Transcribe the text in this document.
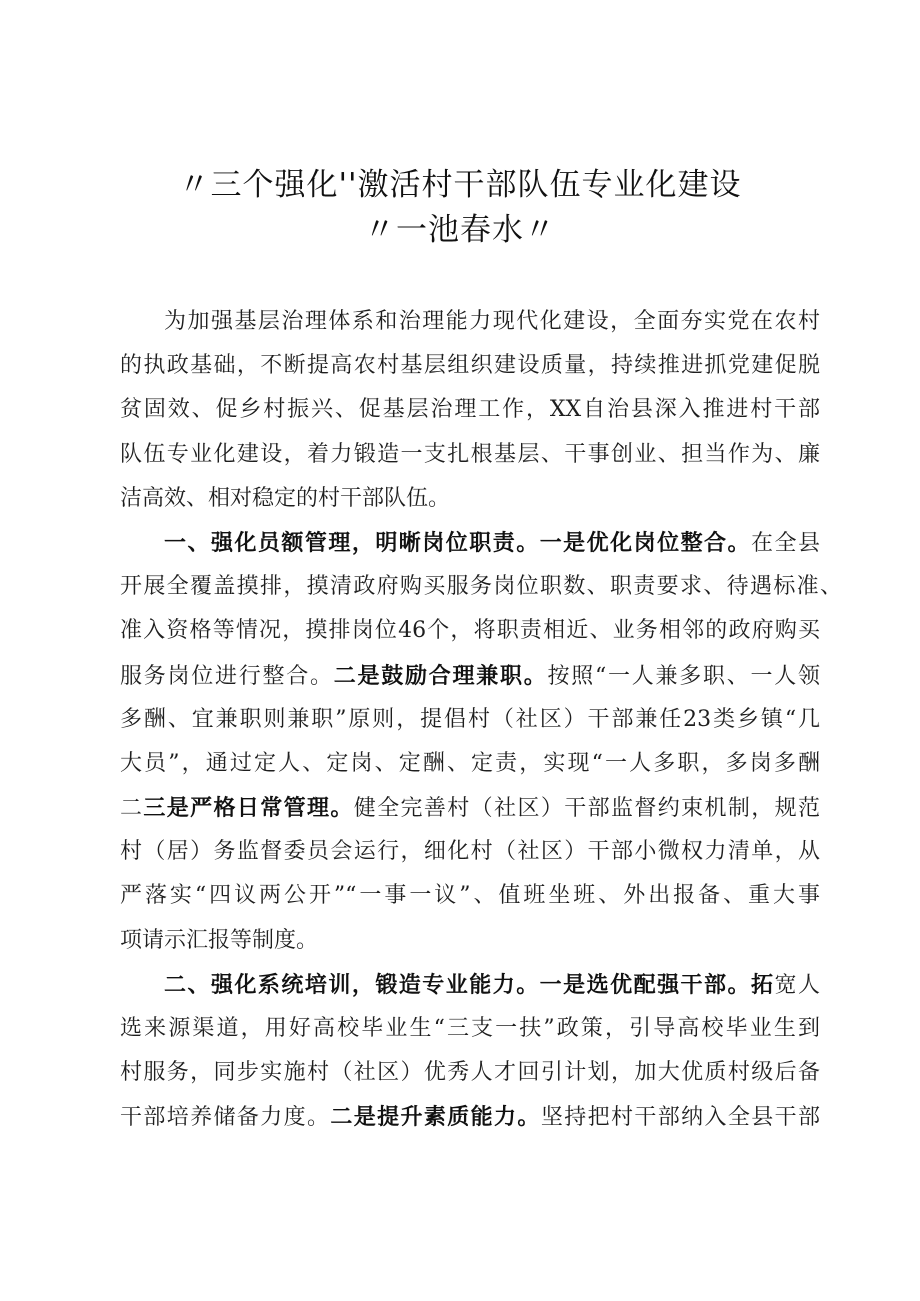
〃三个强化''激活村干部队伍专业化建设
〃一池春水〃
为加强基层治理体系和治理能力现代化建设，全面夯实党在农村
的执政基础，不断提高农村基层组织建设质量，持续推进抓党建促脱
贫固效、促乡村振兴、促基层治理工作，XX自治县深入推进村干部
队伍专业化建设，着力锻造一支扎根基层、干事创业、担当作为、廉
洁高效、相对稳定的村干部队伍。
一、强化员额管理，明晰岗位职责。一是优化岗位整合。在全县
开展全覆盖摸排，摸清政府购买服务岗位职数、职责要求、待遇标准、
准入资格等情况，摸排岗位46个，将职责相近、业务相邻的政府购买
服务岗位进行整合。二是鼓励合理兼职。按照“一人兼多职、一人领
多酬、宜兼职则兼职”原则，提倡村（社区）干部兼任23类乡镇“几
大员”，通过定人、定岗、定酬、定责，实现“一人多职，多岗多酬
二三是严格日常管理。健全完善村（社区）干部监督约束机制，规范
村（居）务监督委员会运行，细化村（社区）干部小微权力清单，从
严落实“四议两公开”“一事一议”、值班坐班、外出报备、重大事
项请示汇报等制度。
二、强化系统培训，锻造专业能力。一是选优配强干部。拓宽人
选来源渠道，用好高校毕业生“三支一扶”政策，引导高校毕业生到
村服务，同步实施村（社区）优秀人才回引计划，加大优质村级后备
干部培养储备力度。二是提升素质能力。坚持把村干部纳入全县干部
